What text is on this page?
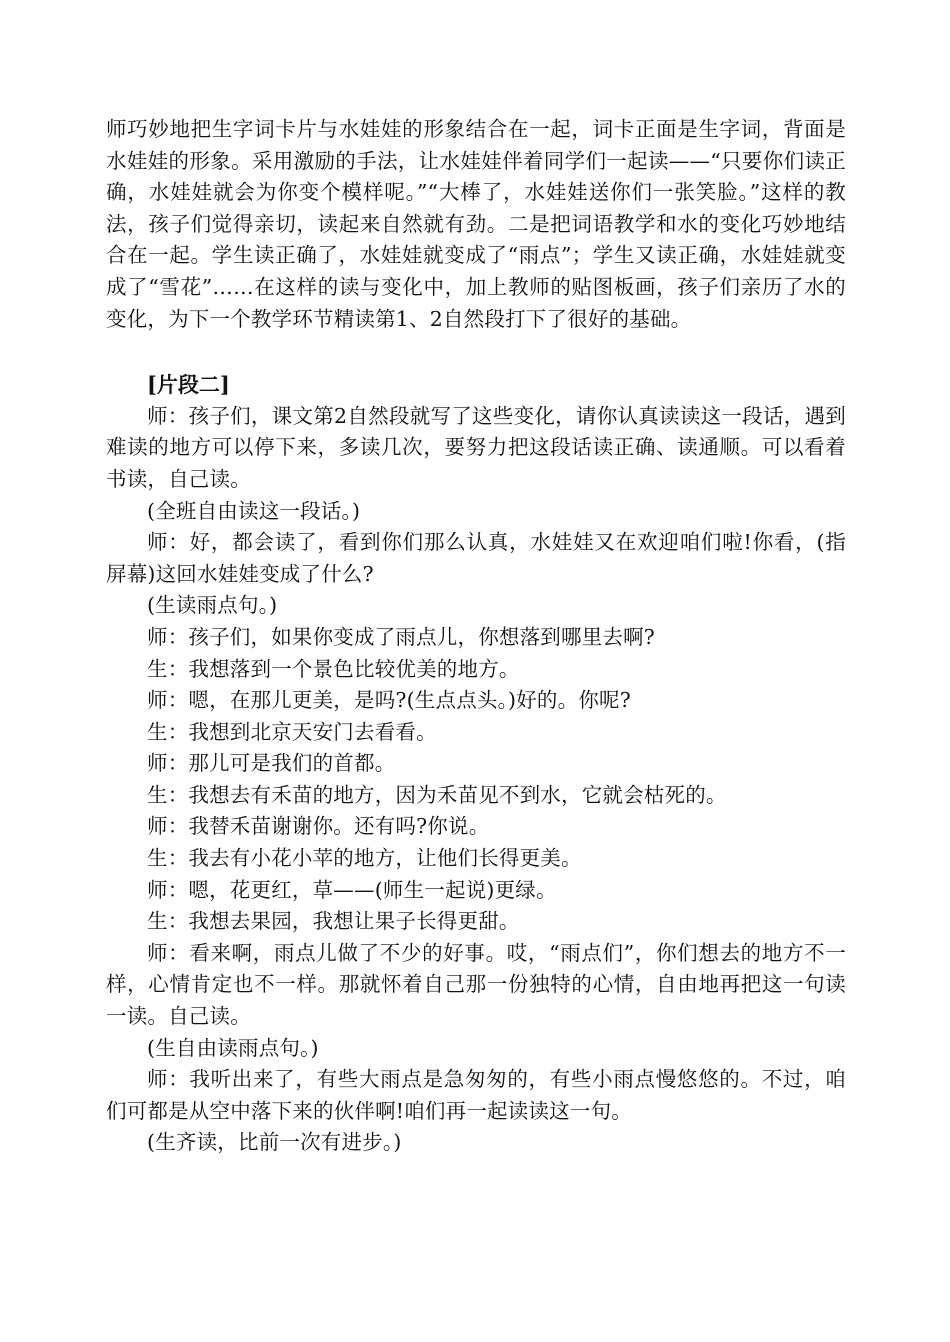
师巧妙地把生字词卡片与水娃娃的形象结合在一起，词卡正面是生字词，背面是水娃娃的形象。采用激励的手法，让水娃娃伴着同学们一起读——“只要你们读正确，水娃娃就会为你变个模样呢。”“大棒了，水娃娃送你们一张笑脸。”这样的教法，孩子们觉得亲切，读起来自然就有劲。二是把词语教学和水的变化巧妙地结合在一起。学生读正确了，水娃娃就变成了“雨点”；学生又读正确，水娃娃就变成了“雪花”……在这样的读与变化中，加上教师的贴图板画，孩子们亲历了水的变化，为下一个教学环节精读第1、2自然段打下了很好的基础。

[片段二]

师：孩子们，课文第2自然段就写了这些变化，请你认真读读这一段话，遇到难读的地方可以停下来，多读几次，要努力把这段话读正确、读通顺。可以看着书读，自己读。

(全班自由读这一段话。)

师：好，都会读了，看到你们那么认真，水娃娃又在欢迎咱们啦!你看，(指屏幕)这回水娃娃变成了什么?

(生读雨点句。)

师：孩子们，如果你变成了雨点儿，你想落到哪里去啊?

生：我想落到一个景色比较优美的地方。

师：嗯，在那儿更美，是吗?(生点点头。)好的。你呢?

生：我想到北京天安门去看看。

师：那儿可是我们的首都。

生：我想去有禾苗的地方，因为禾苗见不到水，它就会枯死的。

师：我替禾苗谢谢你。还有吗?你说。

生：我去有小花小苹的地方，让他们长得更美。

师：嗯，花更红，草——(师生一起说)更绿。

生：我想去果园，我想让果子长得更甜。

师：看来啊，雨点儿做了不少的好事。哎，“雨点们”，你们想去的地方不一样，心情肯定也不一样。那就怀着自己那一份独特的心情，自由地再把这一句读一读。自己读。

(生自由读雨点句。)

师：我听出来了，有些大雨点是急匆匆的，有些小雨点慢悠悠的。不过，咱们可都是从空中落下来的伙伴啊!咱们再一起读读这一句。

(生齐读，比前一次有进步。)
